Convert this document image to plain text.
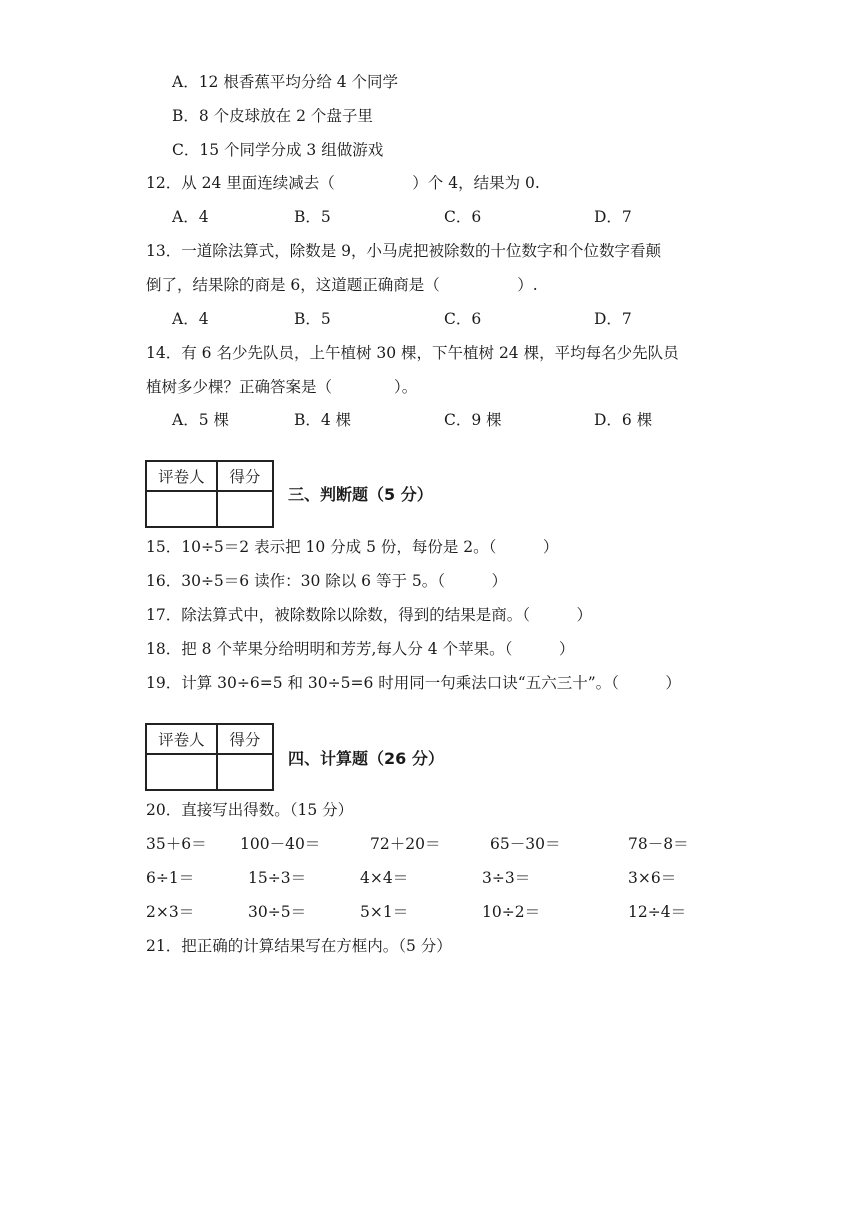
A．12 根香蕉平均分给 4 个同学
B．8 个皮球放在 2 个盘子里
C．15 个同学分成 3 组做游戏
12．从 24 里面连续减去（　　　　　）个 4，结果为 0.
A．4	B．5	C．6	D．7
13．一道除法算式，除数是 9，小马虎把被除数的十位数字和个位数字看颠
倒了，结果除的商是 6，这道题正确商是（　　　　　）.
A．4	B．5	C．6	D．7
14．有 6 名少先队员，上午植树 30 棵，下午植树 24 棵，平均每名少先队员
植树多少棵？正确答案是（　　　　）。
A．5 棵	B．4 棵	C．9 棵	D．6 棵
评卷人	得分

三、判断题（5 分）
15．10÷5＝2 表示把 10 分成 5 份，每份是 2。（　　　）
16．30÷5＝6 读作：30 除以 6 等于 5。（　　　）
17．除法算式中，被除数除以除数，得到的结果是商。（　　　）
18．把 8 个苹果分给明明和芳芳,每人分 4 个苹果。（　　　）
19．计算 30÷6=5 和 30÷5=6 时用同一句乘法口诀“五六三十”。（　　　）
评卷人	得分

四、计算题（26 分）
20．直接写出得数。（15 分）
35＋6＝ 100－40＝	72＋20＝	65－30＝	78－8＝
6÷1＝	15÷3＝	4×4＝	3÷3＝	3×6＝
2×3＝	30÷5＝	5×1＝	10÷2＝	12÷4＝
21．把正确的计算结果写在方框内。（5 分）
